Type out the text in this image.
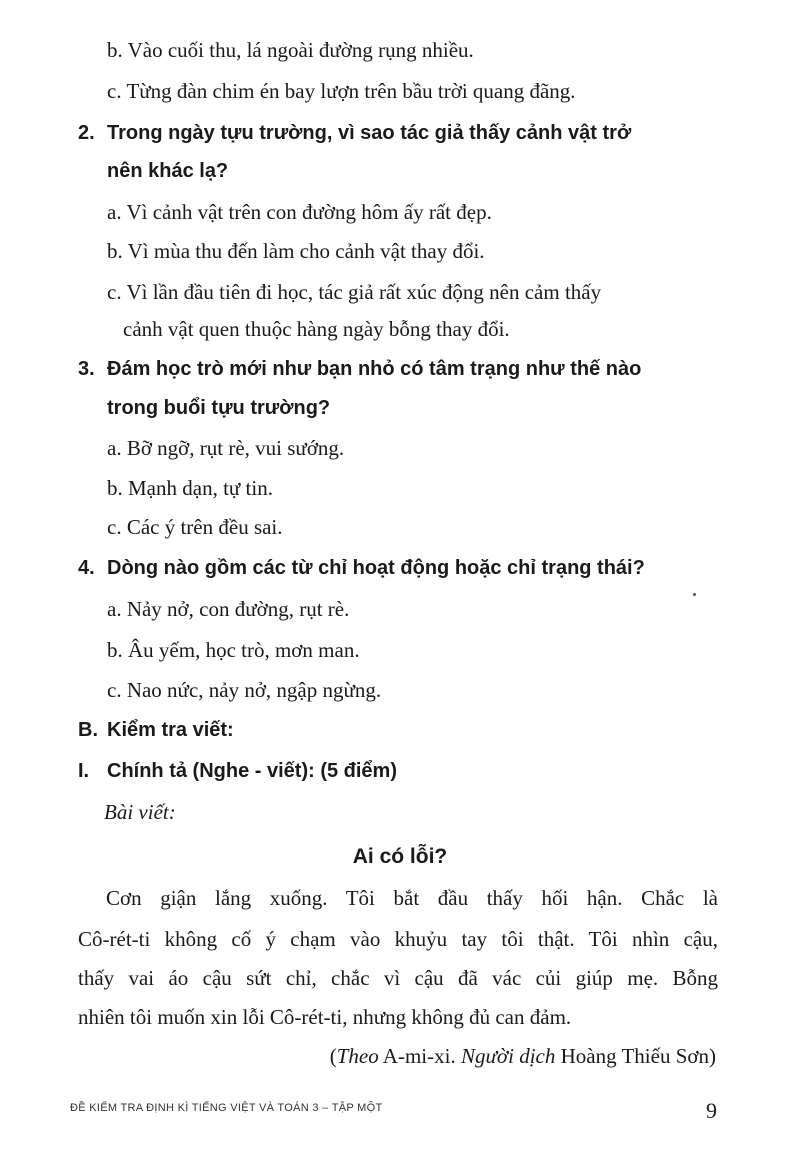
b. Vào cuối thu, lá ngoài đường rụng nhiều.
c. Từng đàn chim én bay lượn trên bầu trời quang đãng.
2. Trong ngày tựu trường, vì sao tác giả thấy cảnh vật trở
nên khác lạ?
a. Vì cảnh vật trên con đường hôm ấy rất đẹp.
b. Vì mùa thu đến làm cho cảnh vật thay đổi.
c. Vì lần đầu tiên đi học, tác giả rất xúc động nên cảm thấy
cảnh vật quen thuộc hàng ngày bỗng thay đổi.
3. Đám học trò mới như bạn nhỏ có tâm trạng như thế nào
trong buổi tựu trường?
a. Bỡ ngỡ, rụt rè, vui sướng.
b. Mạnh dạn, tự tin.
c. Các ý trên đều sai.
4. Dòng nào gồm các từ chỉ hoạt động hoặc chỉ trạng thái?
a. Nảy nở, con đường, rụt rè.
b. Âu yếm, học trò, mơn man.
c. Nao nức, nảy nở, ngập ngừng.
B. Kiểm tra viết:
I. Chính tả (Nghe - viết): (5 điểm)
Bài viết:
Ai có lỗi?
Cơn giận lắng xuống. Tôi bắt đầu thấy hối hận. Chắc là
Cô-rét-ti không cố ý chạm vào khuỷu tay tôi thật. Tôi nhìn cậu,
thấy vai áo cậu sứt chỉ, chắc vì cậu đã vác củi giúp mẹ. Bỗng
nhiên tôi muốn xin lỗi Cô-rét-ti, nhưng không đủ can đảm.
(Theo A-mi-xi. Người dịch Hoàng Thiếu Sơn)
ĐỀ KIỂM TRA ĐỊNH KÌ TIẾNG VIỆT VÀ TOÁN 3 – TẬP MỘT	9
